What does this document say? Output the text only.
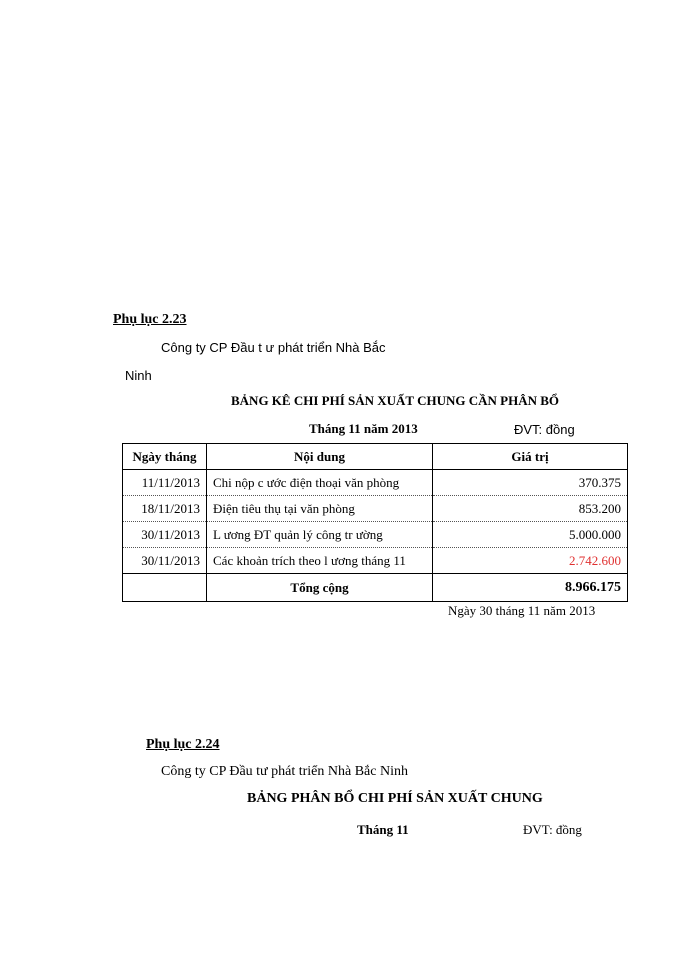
Phụ lục 2.23
Công ty CP Đầu t ư phát triển Nhà Bắc
Ninh
BẢNG KÊ CHI PHÍ SẢN XUẤT CHUNG CẦN PHÂN BỔ
Tháng 11 năm 2013	ĐVT: đồng
Ngày tháng	Nội dung	Giá trị
11/11/2013	Chi nộp c ước điện thoại văn phòng	370.375
18/11/2013	Điện tiêu thụ tại văn phòng	853.200
30/11/2013	L ương ĐT quản lý công tr ường	5.000.000
30/11/2013	Các khoản trích theo l ương tháng 11	2.742.600
	Tổng cộng	8.966.175
Ngày 30 tháng 11 năm 2013
Phụ lục 2.24
Công ty CP Đầu tư phát triển Nhà Bắc Ninh
BẢNG PHÂN BỔ CHI PHÍ SẢN XUẤT CHUNG
Tháng 11	ĐVT: đồng
